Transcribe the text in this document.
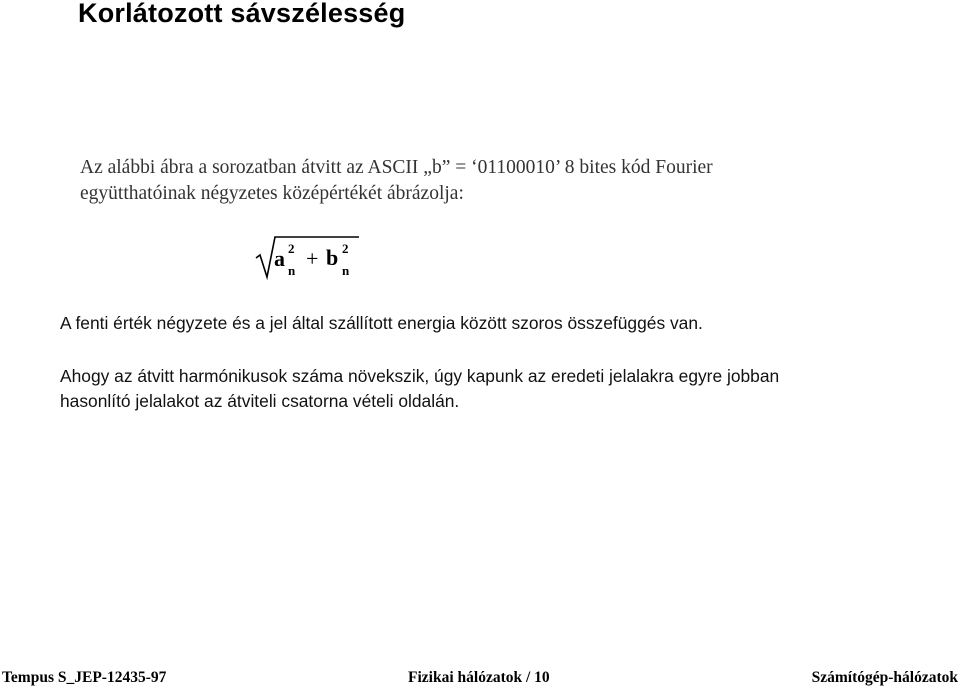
Korlátozott sávszélesség
Az alábbi ábra a sorozatban átvitt az ASCII „b” = ‘01100010’ 8 bites kód Fourier
együtthatóinak négyzetes középértékét ábrázolja:
a 2
n + b 2
n
A fenti érték négyzete és a jel által szállított energia között szoros összefüggés van.
Ahogy az átvitt harmónikusok száma növekszik, úgy kapunk az eredeti jelalakra egyre jobban
hasonlító jelalakot az átviteli csatorna vételi oldalán.
Tempus S_JEP-12435-97	Fizikai hálózatok / 10	Számítógép-hálózatok
